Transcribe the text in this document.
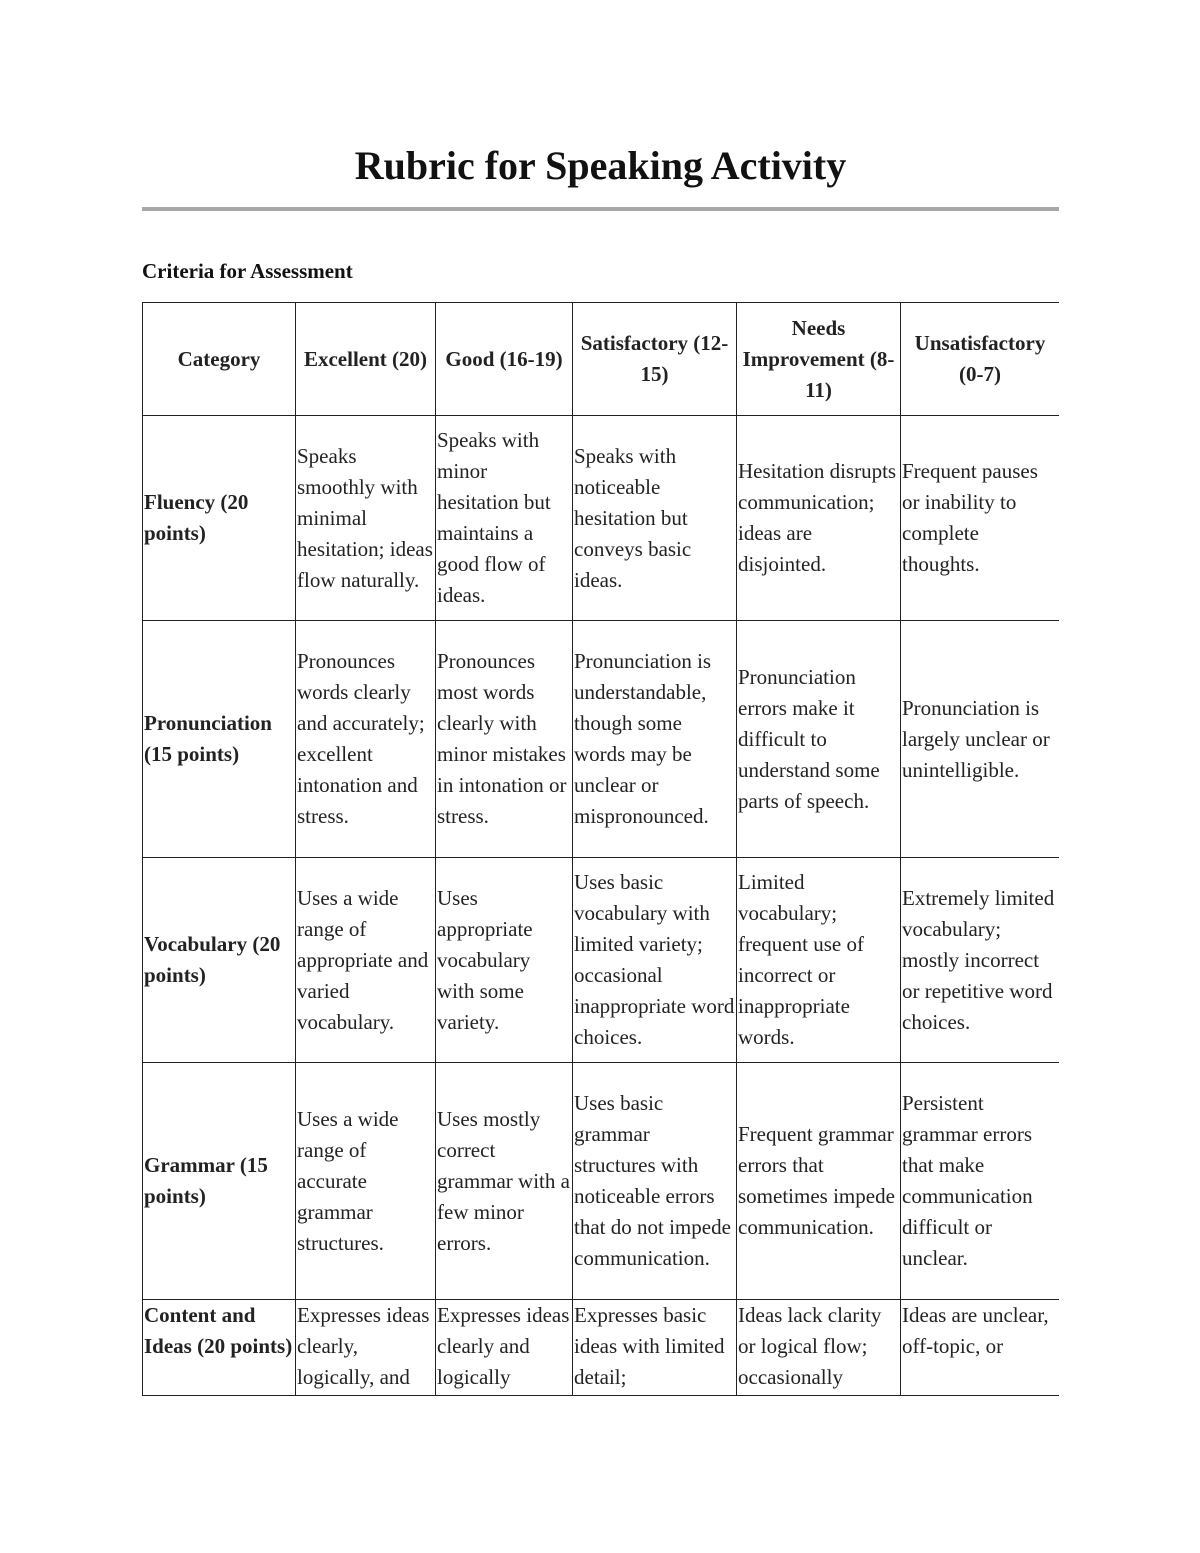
Rubric for Speaking Activity
Criteria for Assessment
Category	Excellent (20)	Good (16-19)	Satisfactory (12-15)	Needs Improvement (8-11)	Unsatisfactory (0-7)
Fluency (20 points)	Speaks smoothly with minimal hesitation; ideas flow naturally.	Speaks with minor hesitation but maintains a good flow of ideas.	Speaks with noticeable hesitation but conveys basic ideas.	Hesitation disrupts communication; ideas are disjointed.	Frequent pauses or inability to complete thoughts.
Pronunciation (15 points)	Pronounces words clearly and accurately; excellent intonation and stress.	Pronounces most words clearly with minor mistakes in intonation or stress.	Pronunciation is understandable, though some words may be unclear or mispronounced.	Pronunciation errors make it difficult to understand some parts of speech.	Pronunciation is largely unclear or unintelligible.
Vocabulary (20 points)	Uses a wide range of appropriate and varied vocabulary.	Uses appropriate vocabulary with some variety.	Uses basic vocabulary with limited variety; occasional inappropriate word choices.	Limited vocabulary; frequent use of incorrect or inappropriate words.	Extremely limited vocabulary; mostly incorrect or repetitive word choices.
Grammar (15 points)	Uses a wide range of accurate grammar structures.	Uses mostly correct grammar with a few minor errors.	Uses basic grammar structures with noticeable errors that do not impede communication.	Frequent grammar errors that sometimes impede communication.	Persistent grammar errors that make communication difficult or unclear.
Content and Ideas (20 points)	Expresses ideas clearly, logically, and	Expresses ideas clearly and logically	Expresses basic ideas with limited detail;	Ideas lack clarity or logical flow; occasionally	Ideas are unclear, off-topic, or
